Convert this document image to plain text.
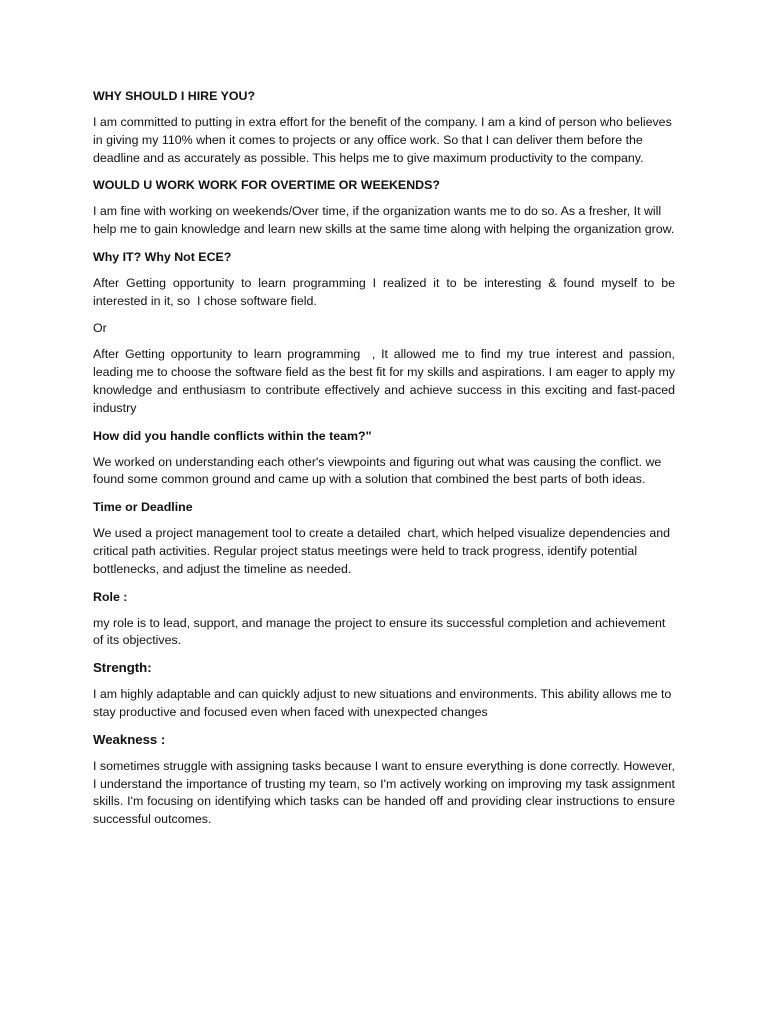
WHY SHOULD I HIRE YOU?
I am committed to putting in extra effort for the benefit of the company. I am a kind of person who believes in giving my 110% when it comes to projects or any office work. So that I can deliver them before the deadline and as accurately as possible. This helps me to give maximum productivity to the company.
WOULD U WORK WORK FOR OVERTIME OR WEEKENDS?
I am fine with working on weekends/Over time, if the organization wants me to do so. As a fresher, It will help me to gain knowledge and learn new skills at the same time along with helping the organization grow.
Why IT? Why Not ECE?
After Getting opportunity to learn programming I realized it to be interesting & found myself to be interested in it, so  I chose software field.
Or
After Getting opportunity to learn programming  , It allowed me to find my true interest and passion, leading me to choose the software field as the best fit for my skills and aspirations. I am eager to apply my knowledge and enthusiasm to contribute effectively and achieve success in this exciting and fast-paced industry
How did you handle conflicts within the team?"
We worked on understanding each other's viewpoints and figuring out what was causing the conflict. we found some common ground and came up with a solution that combined the best parts of both ideas.
Time or Deadline
We used a project management tool to create a detailed  chart, which helped visualize dependencies and critical path activities. Regular project status meetings were held to track progress, identify potential bottlenecks, and adjust the timeline as needed.
Role :
my role is to lead, support, and manage the project to ensure its successful completion and achievement of its objectives.
Strength:
I am highly adaptable and can quickly adjust to new situations and environments. This ability allows me to stay productive and focused even when faced with unexpected changes
Weakness :
I sometimes struggle with assigning tasks because I want to ensure everything is done correctly. However, I understand the importance of trusting my team, so I'm actively working on improving my task assignment skills. I'm focusing on identifying which tasks can be handed off and providing clear instructions to ensure successful outcomes.
